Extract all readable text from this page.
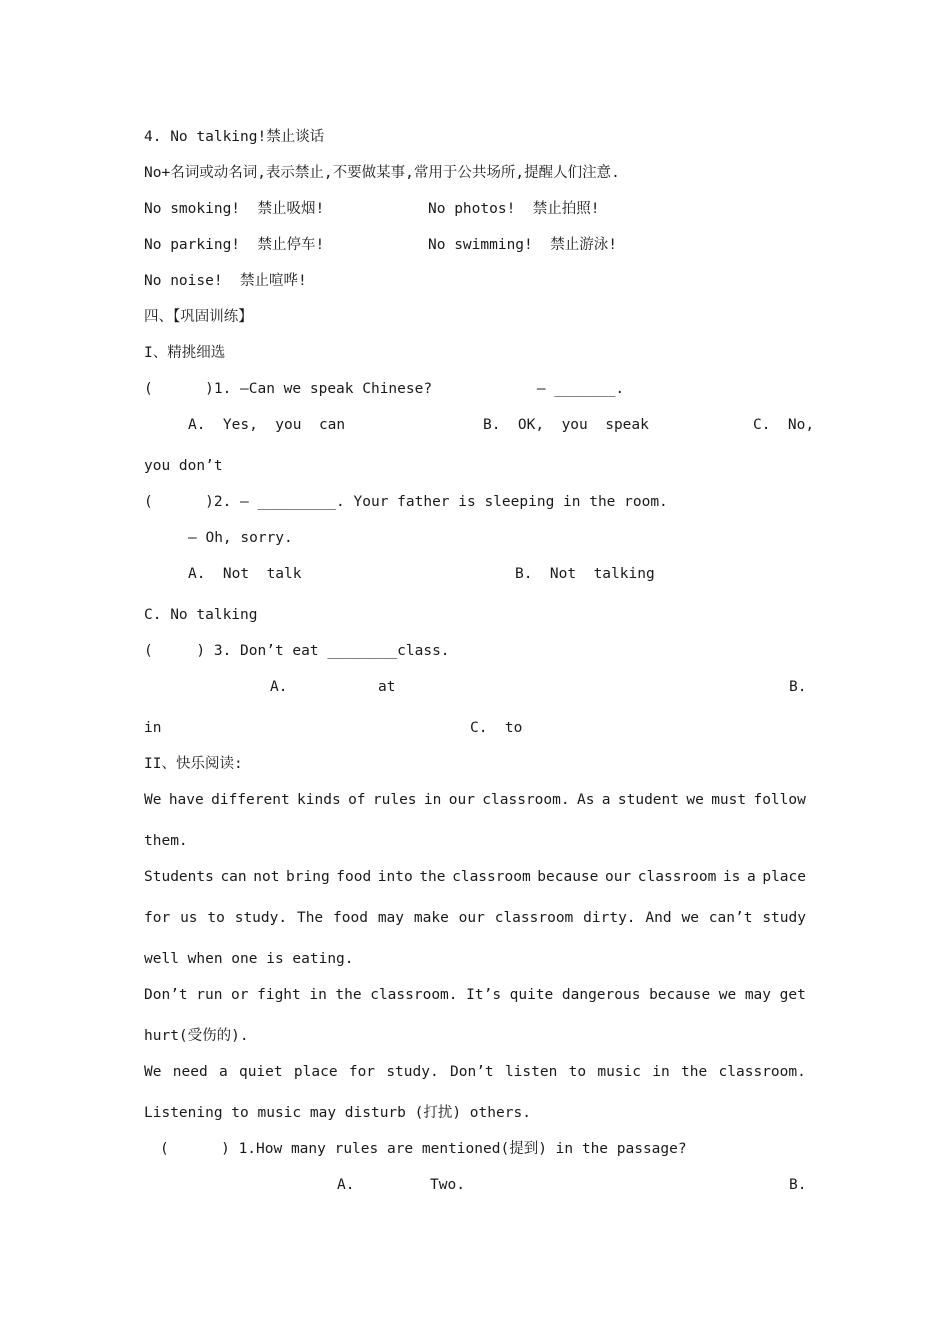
4. No talking!禁止谈话
No+名词或动名词,表示禁止,不要做某事,常用于公共场所,提醒人们注意.
No smoking!  禁止吸烟!	No photos!  禁止拍照!
No parking!  禁止停车!	No swimming!  禁止游泳!
No noise!  禁止喧哗!
四、【巩固训练】
I、精挑细选
(      )1. —Can we speak Chinese?            — _______.
A.  Yes,  you  can	B.  OK,  you  speak	C.  No,
you don’t
(      )2. — _________. Your father is sleeping in the room.
— Oh, sorry.
A.  Not  talk	B.  Not  talking
C. No talking
(     ) 3. Don’t eat ________class.
A.	at	B.
in	C.  to
II、快乐阅读:
We have different kinds of rules in our classroom. As a student we must follow
them.
Students can not bring food into the classroom because our classroom is a place
for us to study. The food may make our classroom dirty. And we can’t study
well when one is eating.
Don’t run or fight in the classroom. It’s quite dangerous because we may get
hurt(受伤的).
We need a quiet place for study. Don’t listen to music in the classroom.
Listening to music may disturb (打扰) others.
(      ) 1.How many rules are mentioned(提到) in the passage?
A.	Two.	B.
